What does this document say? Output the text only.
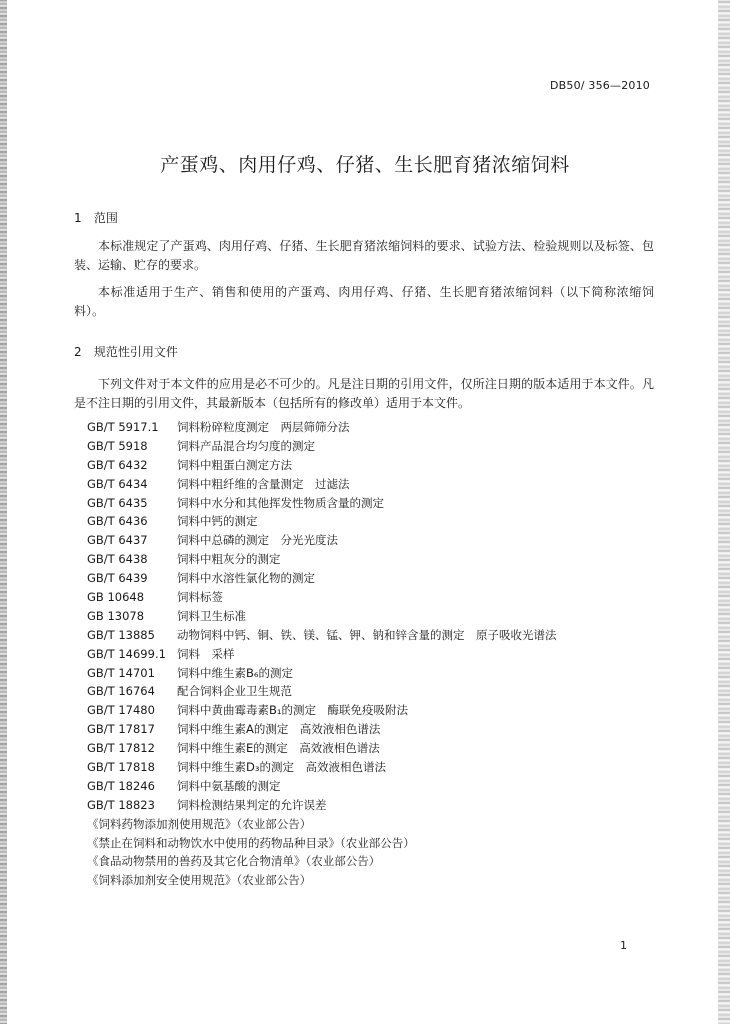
DB50/ 356—2010
产蛋鸡、肉用仔鸡、仔猪、生长肥育猪浓缩饲料
1 范围

本标准规定了产蛋鸡、肉用仔鸡、仔猪、生长肥育猪浓缩饲料的要求、试验方法、检验规则以及标签、包装、运输、贮存的要求。

本标准适用于生产、销售和使用的产蛋鸡、肉用仔鸡、仔猪、生长肥育猪浓缩饲料（以下简称浓缩饲料）。

2 规范性引用文件

下列文件对于本文件的应用是必不可少的。凡是注日期的引用文件，仅所注日期的版本适用于本文件。凡是不注日期的引用文件，其最新版本（包括所有的修改单）适用于本文件。

GB/T 5917.1 饲料粉碎粒度测定　两层筛筛分法
GB/T 5918	饲料产品混合均匀度的测定
GB/T 6432	饲料中粗蛋白测定方法
GB/T 6434	饲料中粗纤维的含量测定　过滤法
GB/T 6435	饲料中水分和其他挥发性物质含量的测定
GB/T 6436	饲料中钙的测定
GB/T 6437	饲料中总磷的测定　分光光度法
GB/T 6438	饲料中粗灰分的测定
GB/T 6439	饲料中水溶性氯化物的测定
GB 10648	饲料标签
GB 13078	饲料卫生标准
GB/T 13885 动物饲料中钙、铜、铁、镁、锰、钾、钠和锌含量的测定　原子吸收光谱法
GB/T 14699.1 饲料　采样
GB/T 14701 饲料中维生素B₆的测定
GB/T 16764 配合饲料企业卫生规范
GB/T 17480 饲料中黄曲霉毒素B₁的测定　酶联免疫吸附法
GB/T 17817 饲料中维生素A的测定　高效液相色谱法
GB/T 17812 饲料中维生素E的测定　高效液相色谱法
GB/T 17818 饲料中维生素D₃的测定　高效液相色谱法
GB/T 18246 饲料中氨基酸的测定
GB/T 18823 饲料检测结果判定的允许误差
《饲料药物添加剂使用规范》（农业部公告）
《禁止在饲料和动物饮水中使用的药物品种目录》（农业部公告）
《食品动物禁用的兽药及其它化合物清单》（农业部公告）
《饲料添加剂安全使用规范》（农业部公告）
1
